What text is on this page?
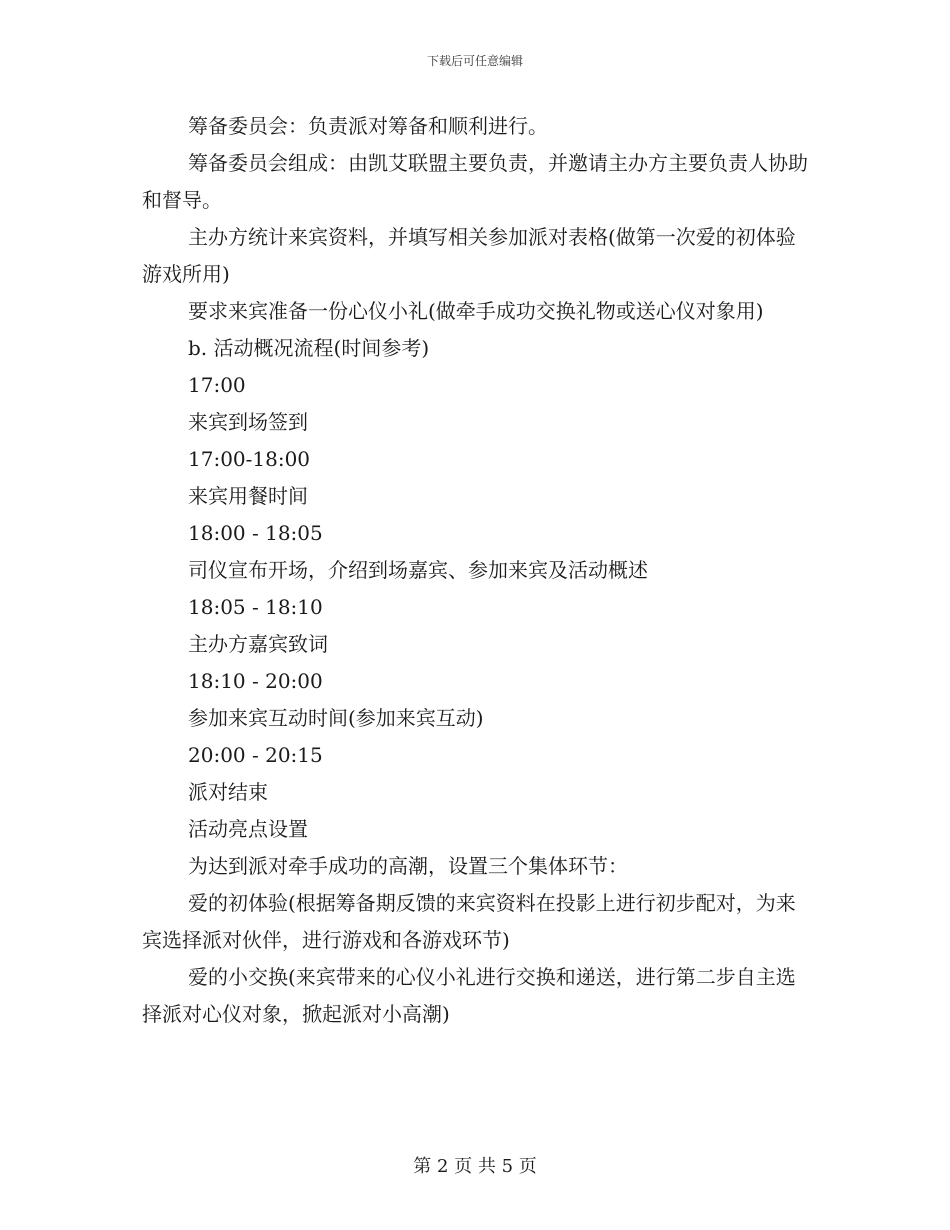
下载后可任意编辑

筹备委员会：负责派对筹备和顺利进行。

筹备委员会组成：由凯艾联盟主要负责，并邀请主办方主要负责人协助和督导。

主办方统计来宾资料，并填写相关参加派对表格(做第一次爱的初体验游戏所用)

要求来宾准备一份心仪小礼(做牵手成功交换礼物或送心仪对象用)

b. 活动概况流程(时间参考)

17:00

来宾到场签到

17:00-18:00

来宾用餐时间

18:00 - 18:05

司仪宣布开场，介绍到场嘉宾、参加来宾及活动概述

18:05 - 18:10

主办方嘉宾致词

18:10 - 20:00

参加来宾互动时间(参加来宾互动)

20:00 - 20:15

派对结束

活动亮点设置

为达到派对牵手成功的高潮，设置三个集体环节：

爱的初体验(根据筹备期反馈的来宾资料在投影上进行初步配对，为来宾选择派对伙伴，进行游戏和各游戏环节)

爱的小交换(来宾带来的心仪小礼进行交换和递送，进行第二步自主选择派对心仪对象，掀起派对小高潮)

第 2 页 共 5 页
